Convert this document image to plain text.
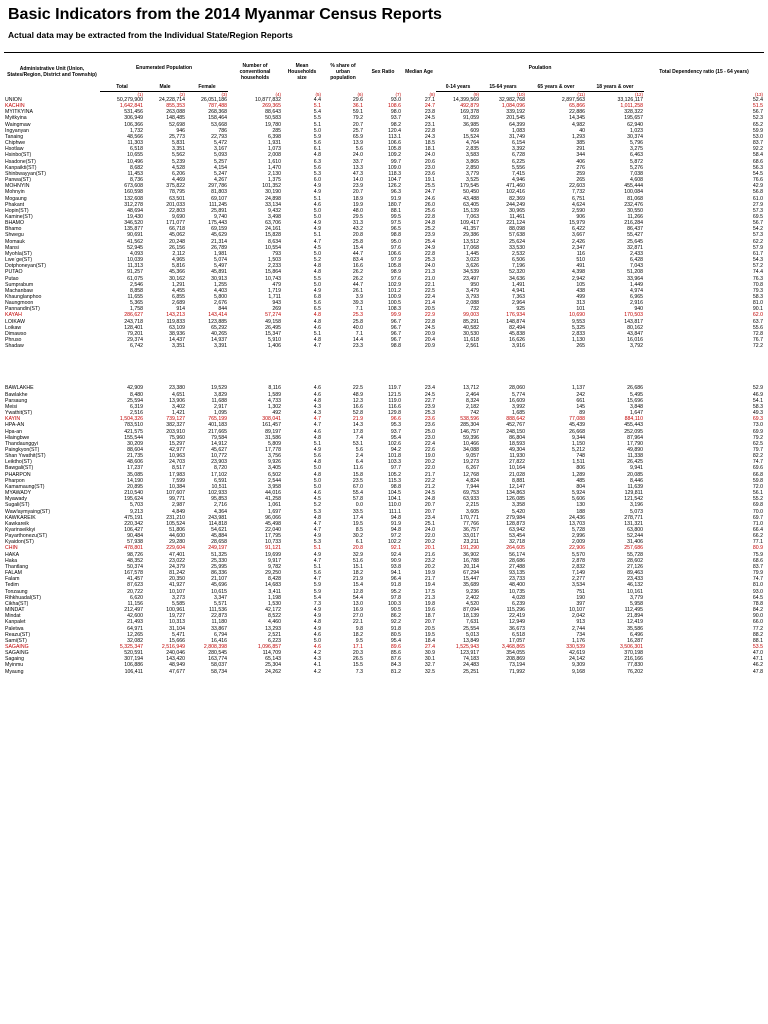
Basic Indicators from the 2014 Myanmar Census Reports
Actual data may be extracted from the Individual State/Region Reports
Administrative Unit (Union, States/Region, District and Township)	Enumerated Population			Number of conventional households	Mean Households size	% share of urban population	Sex Ratio	Median Age	Poulation				Total Dependency ratio (15 - 64 years)	
	Total	Male	Female						0-14 years	15-64 years	65 years & over	18 years & over		
	(1)	(2)	(3)	(4)	(5)	(6)	(7)	(8)	(9)	(10)	(11)	(12)	(13)	
UNION	50,279,900	24,228,714	26,051,186	10,877,832	4.4	29.6	93.0	27.1	14,399,569	32,982,768	2,897,563	33,126,117	52.4	
KACHIN	1,642,841	855,353	787,488	269,365	5.1	36.1	108.6	24.7	492,879	1,084,096	65,866	1,011,258	51.5	
MYITKYINA	531,456	263,088	268,368	88,643	5.4	59.1	98.0	23.8	169,378	339,192	22,886	328,322	56.7	
Myitkyina	306,949	148,485	158,464	50,583	5.5	79.2	93.7	24.5	91,059	201,545	14,345	195,657	52.3	
Waingmaw	106,366	52,698	53,668	19,780	5.1	20.7	98.2	23.1	36,985	64,399	4,982	62,940	65.2	
Ingyanyan	1,732	946	786	285	5.0	25.7	120.4	22.8	609	1,083	40	1,023	59.9	
Tanaing	48,566	25,773	22,793	6,398	5.9	65.9	113.1	24.3	15,524	31,749	1,293	30,374	53.0	
Chiphwe	11,303	5,831	5,472	1,931	5.6	13.9	106.6	18.5	4,764	6,154	385	5,796	83.7	
Hsotlaw	6,518	3,351	3,167	1,073	6.1	5.6	105.8	18.1	2,835	3,392	291	3,275	92.2	
Hsinbo(ST)	10,655	5,562	5,093	2,008	4.8	24.0	109.2	24.0	3,583	6,728	344	6,463	58.4	
Hsadone(ST)	10,496	5,239	5,257	1,610	6.3	33.7	99.7	20.6	3,865	6,225	406	5,872	68.6	
Kanpaikti(ST)	8,682	4,528	4,154	1,470	5.6	13.3	109.0	23.0	2,850	5,556	276	5,276	56.3	
Shinbwayyan(ST)	11,453	6,206	5,247	2,130	5.3	47.3	118.3	23.6	3,779	7,415	259	7,038	54.5	
Panwa(ST)	8,736	4,469	4,267	1,375	6.0	14.0	104.7	19.1	3,525	4,946	265	4,608	76.6	
MOHNYIN	673,608	375,822	297,786	101,352	4.9	23.9	126.2	25.5	179,545	471,460	22,603	455,444	42.9	
Mohnyin	160,598	78,795	81,803	30,190	4.9	20.7	96.3	24.7	50,450	102,416	7,732	100,084	56.8	
Mogaung	132,608	63,501	69,107	24,898	5.1	18.9	91.9	24.6	43,488	82,369	6,751	81,068	61.0	
Phakant	312,278	201,033	111,245	33,134	4.6	19.9	180.7	26.0	63,405	244,249	4,624	232,476	27.9	
Hopin(ST)	48,694	22,803	25,891	9,432	5.0	48.0	88.1	25.6	15,139	30,965	2,590	30,550	57.3	
Kamine(ST)	19,430	9,690	9,740	3,498	5.0	29.5	99.5	22.8	7,063	11,461	906	11,266	69.5	
BHAMO	346,520	171,077	175,443	63,706	4.9	31.3	97.5	24.8	109,417	221,124	15,979	216,284	56.7	
Bhamo	135,877	66,718	69,159	24,161	4.9	43.2	96.5	25.2	41,357	88,098	6,422	86,437	54.2	
Shwegu	90,691	45,062	45,629	15,828	5.1	20.8	98.8	23.9	29,386	57,638	3,667	55,427	57.3	
Momauk	41,562	20,248	21,314	8,634	4.7	25.8	95.0	25.4	13,512	25,624	2,426	25,645	62.2	
Mansi	52,945	26,156	26,789	10,554	4.5	15.4	97.6	24.9	17,068	33,530	2,347	32,871	57.9	
Myohla(ST)	4,093	2,112	1,981	793	5.0	44.7	106.6	22.8	1,445	2,532	116	2,433	61.7	
Lwe`ge(ST)	10,039	4,965	5,074	1,503	5.2	83.4	97.9	25.3	3,023	6,506	510	6,428	54.3	
Dotphoneyan(ST)	11,313	5,816	5,497	2,233	4.8	16.6	105.8	24.0	3,626	7,196	491	7,043	57.2	
PUTAO	91,257	45,366	45,891	15,864	4.8	26.2	98.9	21.3	34,539	52,320	4,398	51,208	74.4	
Putao	61,075	30,162	30,913	10,743	5.5	26.2	97.6	21.0	23,497	34,636	2,942	33,964	76.3	
Sumprabum	2,546	1,291	1,255	479	5.0	44.7	102.9	22.1	950	1,491	105	1,449	70.8	
Machanbaw	8,858	4,455	4,403	1,719	4.9	26.1	101.2	22.5	3,479	4,941	438	4,974	79.3	
Khaunglanphoo	11,655	6,855	5,800	1,711	6.8	3.9	100.9	22.4	3,793	7,363	499	6,965	58.3	
Naungmoon	5,365	2,689	2,676	943	5.6	39.3	100.5	21.4	2,088	2,964	313	2,916	81.0	
Pannandin(ST)	1,758	914	844	269	6.5	7.1	108.3	20.5	732	925	101	940	90.1	
KAYAH	286,627	143,213	143,414	57,274	4.8	25.3	99.9	22.9	99,003	176,934	10,690	170,503	62.0	
LOIKAW	243,718	119,833	123,885	49,158	4.8	25.8	96.7	22.8	85,291	148,874	9,553	143,817	63.7	
Loikaw	128,401	63,109	65,292	26,495	4.6	40.0	96.7	24.5	40,582	82,494	5,325	80,162	55.6	
Dimawso	79,201	38,936	40,265	15,347	5.1	7.1	96.7	20.9	30,530	45,838	2,833	43,847	72.8	
Phruso	29,374	14,437	14,937	5,910	4.8	14.4	96.7	20.4	11,618	16,626	1,130	16,016	76.7	
Shadaw	6,742	3,351	3,391	1,406	4.7	23.3	98.8	20.9	2,561	3,916	265	3,792	72.2	

BAWLAKHE	42,909	23,380	19,529	8,116	4.6	22.5	119.7	23.4	13,712	28,060	1,137	26,686	52.9	
Bawlakhe	8,480	4,651	3,829	1,589	4.6	48.9	121.5	24.5	2,464	5,774	242	5,495	46.9	
Parsaung	25,594	13,906	11,688	4,733	4.8	12.3	119.0	22.7	8,324	16,609	661	15,696	54.1	
Meisi	6,319	3,402	2,917	1,302	4.3	16.6	116.6	23.9	2,182	3,992	145	3,848	58.3	
Ywathit(ST)	2,516	1,421	1,095	492	4.3	52.8	129.8	25.3	742	1,685	89	1,647	49.3	
KAYIN	1,504,326	739,127	765,199	308,041	4.7	21.9	96.6	23.6	538,596	888,642	77,088	884,110	69.3	
HPA-AN	783,510	382,327	401,183	161,457	4.7	14.3	95.3	23.6	285,304	452,767	45,439	455,443	73.0	
Hpa-an	421,575	203,910	217,665	89,197	4.6	17.8	93.7	25.0	146,757	248,150	26,668	252,095	69.9	
Hlaingbwe	155,544	75,960	79,584	31,586	4.8	7.4	95.4	23.0	59,396	86,804	9,344	87,964	79.2	
Thandaunggyi	30,209	15,297	14,912	5,809	5.1	53.1	102.6	22.4	10,466	18,593	1,150	17,790	62.5	
Paingkyon(ST)	88,604	42,977	45,627	17,778	4.9	5.6	94.2	22.6	34,088	49,304	5,212	49,890	79.7	
Shan Ywathit(ST)	21,735	10,963	10,772	3,756	5.6	2.4	101.8	19.0	9,057	11,930	748	11,338	82.2	
Leiktho(ST)	48,606	24,703	23,903	9,926	4.8	6.4	103.3	20.2	19,273	27,822	1,511	26,425	74.7	
Bawgali(ST)	17,237	8,517	8,720	3,405	5.0	11.6	97.7	22.0	6,267	10,164	806	9,941	69.6	
PHARPON	35,085	17,983	17,102	6,502	4.8	15.8	105.2	21.7	12,768	21,028	1,289	20,085	66.8	
Pharpon	14,190	7,599	6,591	2,544	5.0	23.5	115.3	22.2	4,824	8,881	485	8,446	59.8	
Kamamaung(ST)	20,895	10,384	10,511	3,958	5.0	67.0	98.8	21.2	7,944	12,147	804	11,639	72.0	
MYAWADY	210,540	107,607	102,933	44,016	4.6	55.4	104.5	24.5	69,753	134,863	5,924	129,811	56.1	
Myawady	195,624	99,771	95,853	41,258	4.5	57.8	104.1	24.8	63,933	126,085	5,606	121,542	55.2	
Sugali(ST)	5,703	2,987	2,716	1,061	5.2	0.0	110.0	20.7	2,215	3,358	130	3,196	69.8	
Waw!aymyaing(ST)	9,213	4,849	4,364	1,697	5.3	33.5	111.1	20.7	3,605	5,420	188	5,073	70.0	
KAWKAREIK	475,191	231,210	243,981	96,066	4.8	17.4	94.8	23.4	170,771	279,984	24,436	278,771	69.7	
Kawkareik	220,342	105,524	114,818	45,498	4.7	19.5	91.9	25.1	77,766	128,873	13,703	131,321	71.0	
Kyarinseikkyi	106,427	51,806	54,621	22,040	4.7	8.5	94.8	24.0	36,757	63,942	5,728	63,800	66.4	
Payarthonezu(ST)	90,484	44,600	45,884	17,795	4.9	30.2	97.2	22.0	33,017	53,454	2,996	52,244	66.2	
Kyaidon(ST)	57,938	29,280	28,658	10,733	5.3	6.1	102.2	20.2	23,211	32,718	2,009	31,406	77.1	
CHIN	478,801	229,604	249,197	91,121	5.1	20.8	92.1	20.1	191,290	264,605	22,906	257,686	80.9	
HAKA	98,726	47,401	51,325	19,699	4.9	32.9	92.4	21.6	36,902	56,174	5,570	55,728	75.9	
Haka	48,352	23,022	25,330	9,917	4.7	51.6	90.9	23.2	16,788	28,686	2,878	28,602	68.6	
Thantlang	50,374	24,379	25,995	9,782	5.1	15.1	93.8	20.2	20,114	27,488	2,832	27,126	83.7	
FALAM	167,578	81,242	86,336	29,250	5.6	18.2	94.1	19.9	67,294	93,135	7,149	89,463	79.9	
Falam	41,457	20,350	21,107	8,428	4.7	21.9	96.4	21.7	15,447	23,733	2,277	23,433	74.7	
Tedim	87,623	41,927	45,696	14,683	5.9	15.4	91.8	19.4	35,689	48,400	3,534	46,132	81.0	
Tonzaung	20,722	10,107	10,615	3,411	5.9	12.8	95.2	17.5	9,236	10,735	751	10,161	93.0	
Rihkhuadal(ST)	6,620	3,273	3,347	1,198	5.4	54.4	97.8	21.3	2,402	4,028	190	3,779	64.5	
Cikha(ST)	11,156	5,585	5,571	1,530	7.3	13.0	100.3	19.8	4,520	6,239	397	5,958	78.8	
MINDAT	212,497	100,961	111,536	42,172	4.9	16.9	90.5	19.6	87,094	115,296	10,107	112,495	84.2	
Mindat	42,600	19,727	22,873	8,522	4.9	27.0	86.2	18.7	18,139	22,419	2,042	21,894	90.0	
Kanpalet	21,493	10,313	11,180	4,460	4.8	22.1	92.2	20.7	7,631	12,949	913	12,419	66.0	
Paletwa	64,971	31,104	33,867	13,293	4.9	9.8	91.8	20.5	25,554	36,673	2,744	35,586	77.2	
Reazu(ST)	12,265	5,471	6,794	2,521	4.6	18.2	80.5	19.5	5,013	6,518	734	6,496	88.2	
Sami(ST)	32,082	15,666	16,416	6,223	5.0	9.5	95.4	18.4	13,849	17,057	1,176	16,287	88.1	
SAGAING	5,325,347	2,516,949	2,808,398	1,096,857	4.6	17.1	89.6	27.4	1,525,943	3,468,865	330,539	3,506,301	53.5	
SAGAING	520,591	240,046	280,545	114,709	4.2	20.3	85.6	30.9	123,917	354,055	42,619	370,198	47.0	
Sagaing	307,194	143,420	163,774	65,143	4.3	26.5	87.6	30.1	74,183	208,869	24,142	216,166	47.1	
Myinmu	106,886	48,949	58,037	25,304	4.1	15.5	84.3	32.7	24,483	73,194	9,309	77,830	46.2	
Myaung	106,411	47,677	58,734	24,262	4.2	7.3	81.2	32.5	25,251	71,992	9,168	76,202	47.8	
